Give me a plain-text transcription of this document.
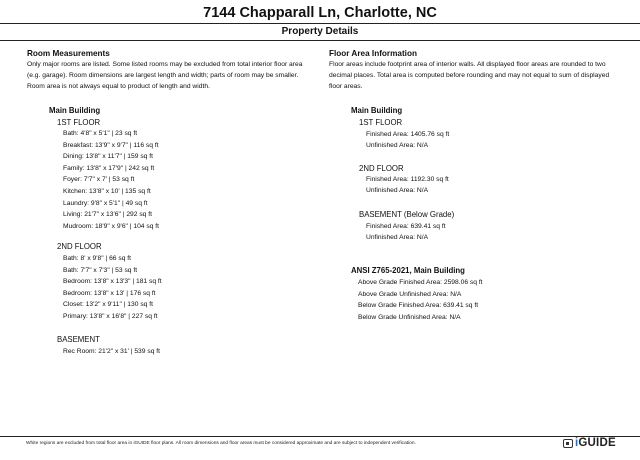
7144 Chapparall Ln, Charlotte, NC
Property Details
Room Measurements
Only major rooms are listed. Some listed rooms may be excluded from total interior floor area
(e.g. garage). Room dimensions are largest length and width; parts of room may be smaller.
Room area is not always equal to product of length and width.
Main Building
1ST FLOOR
Bath: 4'8" x 5'1" | 23 sq ft
Breakfast: 13'9" x 9'7" | 116 sq ft
Dining: 13'8" x 11'7" | 159 sq ft
Family: 13'8" x 17'9" | 242 sq ft
Foyer: 7'7" x 7' | 53 sq ft
Kitchen: 13'8" x 10' | 135 sq ft
Laundry: 9'8" x 5'1" | 49 sq ft
Living: 21'7" x 13'6" | 292 sq ft
Mudroom: 18'9" x 9'6" | 104 sq ft
2ND FLOOR
Bath: 8' x 9'8" | 66 sq ft
Bath: 7'7" x 7'3" | 53 sq ft
Bedroom: 13'8" x 13'3" | 181 sq ft
Bedroom: 13'8" x 13' | 176 sq ft
Closet: 13'2" x 9'11" | 130 sq ft
Primary: 13'8" x 16'8" | 227 sq ft
BASEMENT
Rec Room: 21'2" x 31' | 539 sq ft
Floor Area Information
Floor areas include footprint area of interior walls. All displayed floor areas are rounded to two
decimal places. Total area is computed before rounding and may not equal to sum of displayed
floor areas.
Main Building
1ST FLOOR
Finished Area: 1405.76 sq ft
Unfinished Area: N/A
2ND FLOOR
Finished Area: 1192.30 sq ft
Unfinished Area: N/A
BASEMENT (Below Grade)
Finished Area: 639.41 sq ft
Unfinished Area: N/A
ANSI Z765-2021, Main Building
Above Grade Finished Area: 2598.06 sq ft
Above Grade Unfinished Area: N/A
Below Grade Finished Area: 639.41 sq ft
Below Grade Unfinished Area: N/A
White regions are excluded from total floor area in iGUIDE floor plans. All room dimensions and floor areas must be considered approximate and are subject to independent verification.	iGUIDE
